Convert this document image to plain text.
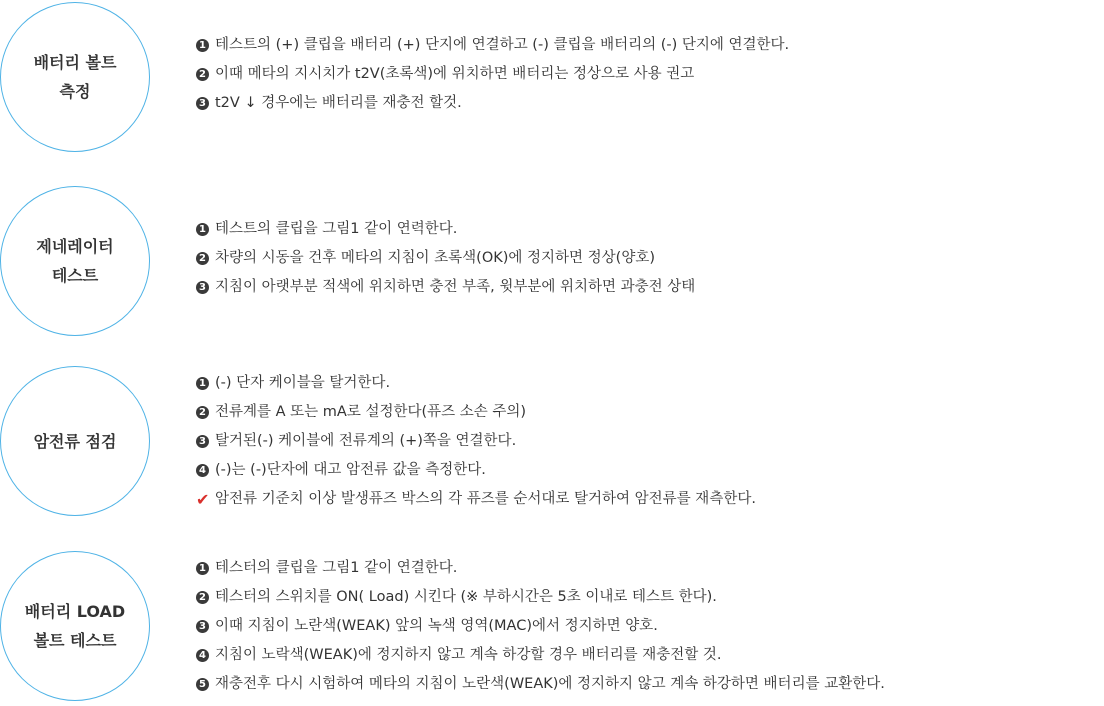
배터리 볼트
측정
1 테스트의 (+) 클립을 배터리 (+) 단지에 연결하고 (-) 클립을 배터리의 (-) 단지에 연결한다.
2 이때 메타의 지시치가 t2V(초록색)에 위치하면 배터리는 정상으로 사용 권고
3 t2V ↓ 경우에는 배터리를 재충전 할것.
제네레이터
테스트
1 테스트의 클립을 그림1 같이 연력한다.
2 차량의 시동을 건후 메타의 지침이 초록색(OK)에 정지하면 정상(양호)
3 지침이 아랫부분 적색에 위치하면 충전 부족, 윗부분에 위치하면 과충전 상태
암전류 점검
1 (-) 단자 케이블을 탈거한다.
2 전류계를 A 또는 mA로 설정한다(퓨즈 소손 주의)
3 탈거된(-) 케이블에 전류계의 (+)쪽을 연결한다.
4 (-)는 (-)단자에 대고 암전류 값을 측정한다.
✔ 암전류 기준치 이상 발생퓨즈 박스의 각 퓨즈를 순서대로 탈거하여 암전류를 재측한다.
배터리 LOAD
볼트 테스트
1 테스터의 클립을 그림1 같이 연결한다.
2 테스터의 스위치를 ON( Load) 시킨다 (※ 부하시간은 5초 이내로 테스트 한다).
3 이때 지침이 노란색(WEAK) 앞의 녹색 영역(MAC)에서 정지하면 양호.
4 지침이 노락색(WEAK)에 정지하지 않고 계속 하강할 경우 배터리를 재충전할 것.
5 재충전후 다시 시험하여 메타의 지침이 노란색(WEAK)에 정지하지 않고 계속 하강하면 배터리를 교환한다.
